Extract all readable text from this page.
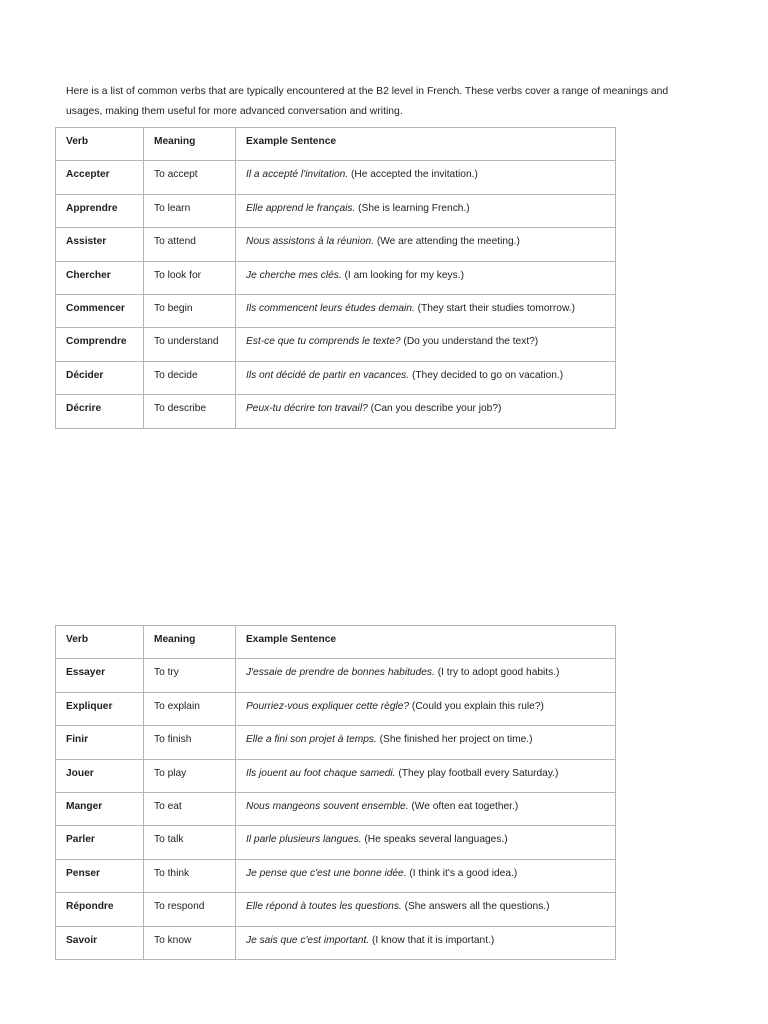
Here is a list of common verbs that are typically encountered at the B2 level in French. These verbs cover a range of meanings and usages, making them useful for more advanced conversation and writing.

Verb	Meaning	Example Sentence
Accepter	To accept	Il a accepté l'invitation. (He accepted the invitation.)
Apprendre	To learn	Elle apprend le français. (She is learning French.)
Assister	To attend	Nous assistons à la réunion. (We are attending the meeting.)
Chercher	To look for	Je cherche mes clés. (I am looking for my keys.)
Commencer	To begin	Ils commencent leurs études demain. (They start their studies tomorrow.)
Comprendre	To understand	Est-ce que tu comprends le texte? (Do you understand the text?)
Décider	To decide	Ils ont décidé de partir en vacances. (They decided to go on vacation.)
Décrire	To describe	Peux-tu décrire ton travail? (Can you describe your job?)
Verb	Meaning	Example Sentence
Essayer	To try	J'essaie de prendre de bonnes habitudes. (I try to adopt good habits.)
Expliquer	To explain	Pourriez-vous expliquer cette règle? (Could you explain this rule?)
Finir	To finish	Elle a fini son projet à temps. (She finished her project on time.)
Jouer	To play	Ils jouent au foot chaque samedi. (They play football every Saturday.)
Manger	To eat	Nous mangeons souvent ensemble. (We often eat together.)
Parler	To talk	Il parle plusieurs langues. (He speaks several languages.)
Penser	To think	Je pense que c'est une bonne idée. (I think it's a good idea.)
Répondre	To respond	Elle répond à toutes les questions. (She answers all the questions.)
Savoir	To know	Je sais que c'est important. (I know that it is important.)
